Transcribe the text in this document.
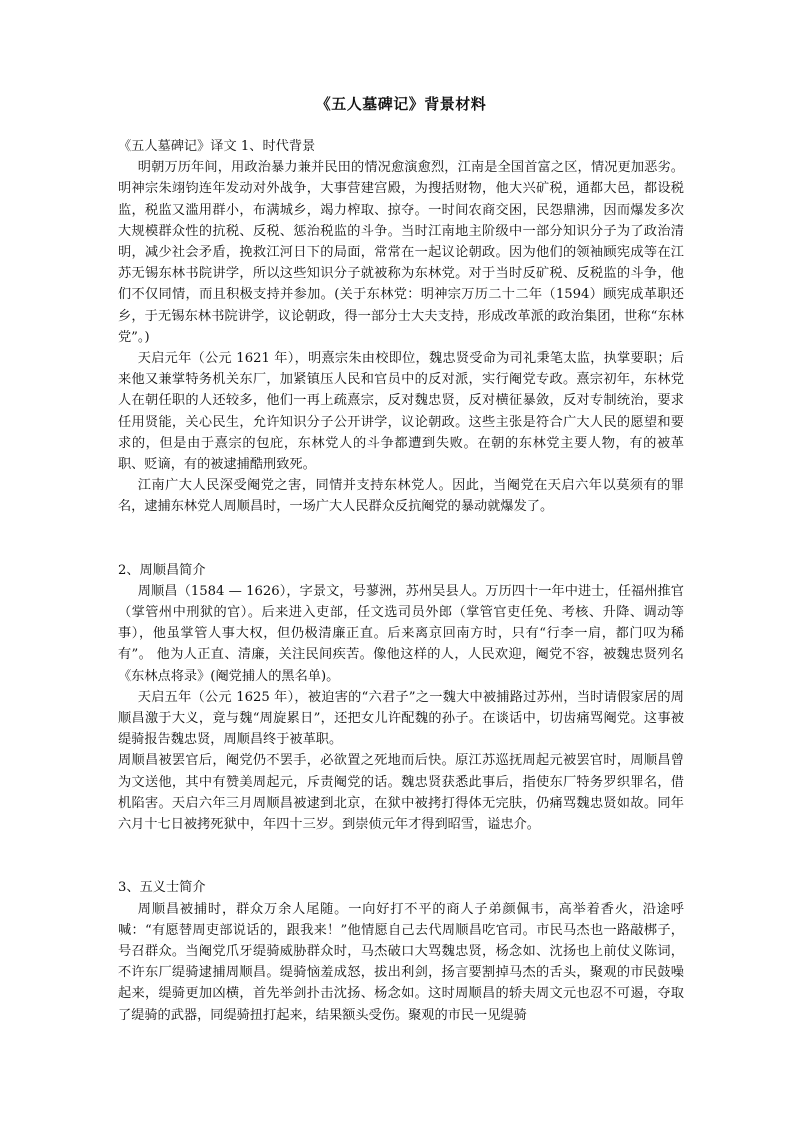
《五人墓碑记》背景材料

《五人墓碑记》译文 1、时代背景

明朝万历年间，用政治暴力兼并民田的情况愈演愈烈，江南是全国首富之区，情况更加恶劣。明神宗朱翊钧连年发动对外战争，大事营建宫殿，为搜括财物，他大兴矿税，通都大邑，都设税监，税监又滥用群小，布满城乡，竭力榨取、掠夺。一时间农商交困，民怨鼎沸，因而爆发多次大规模群众性的抗税、反税、惩治税监的斗争。当时江南地主阶级中一部分知识分子为了政治清明，减少社会矛盾，挽救江河日下的局面，常常在一起议论朝政。因为他们的领袖顾宪成等在江苏无锡东林书院讲学，所以这些知识分子就被称为东林党。对于当时反矿税、反税监的斗争，他们不仅同情，而且积极支持并参加。(关于东林党：明神宗万历二十二年（1594）顾宪成革职还乡，于无锡东林书院讲学，议论朝政，得一部分士大夫支持，形成改革派的政治集团，世称“东林党”。)

天启元年（公元 1621 年），明熹宗朱由校即位，魏忠贤受命为司礼秉笔太监，执掌要职；后来他又兼掌特务机关东厂，加紧镇压人民和官员中的反对派，实行阉党专政。熹宗初年，东林党人在朝任职的人还较多，他们一再上疏熹宗，反对魏忠贤，反对横征暴敛，反对专制统治，要求任用贤能，关心民生，允许知识分子公开讲学，议论朝政。这些主张是符合广大人民的愿望和要求的，但是由于熹宗的包庇，东林党人的斗争都遭到失败。在朝的东林党主要人物，有的被革职、贬谪，有的被逮捕酷刑致死。

江南广大人民深受阉党之害，同情并支持东林党人。因此，当阉党在天启六年以莫须有的罪名，逮捕东林党人周顺昌时，一场广大人民群众反抗阉党的暴动就爆发了。

2、周顺昌简介

周顺昌（1584 — 1626），字景文，号蓼洲，苏州吴县人。万历四十一年中进士，任福州推官（掌管州中刑狱的官）。后来进入吏部，任文选司员外郎（掌管官吏任免、考核、升降、调动等事），他虽掌管人事大权，但仍极清廉正直。后来离京回南方时，只有“行李一肩，都门叹为稀有”。 他为人正直、清廉，关注民间疾苦。像他这样的人，人民欢迎，阉党不容，被魏忠贤列名《东林点将录》(阉党捕人的黑名单)。

天启五年（公元 1625 年），被迫害的“六君子”之一魏大中被捕路过苏州，当时请假家居的周顺昌激于大义，竟与魏“周旋累日”，还把女儿许配魏的孙子。在谈话中，切齿痛骂阉党。这事被缇骑报告魏忠贤，周顺昌终于被革职。

周顺昌被罢官后，阉党仍不罢手，必欲置之死地而后快。原江苏巡抚周起元被罢官时，周顺昌曾为文送他，其中有赞美周起元，斥责阉党的话。魏忠贤获悉此事后，指使东厂特务罗织罪名，借机陷害。天启六年三月周顺昌被逮到北京，在狱中被拷打得体无完肤，仍痛骂魏忠贤如故。同年六月十七日被拷死狱中，年四十三岁。到崇侦元年才得到昭雪，谥忠介。

3、五义士简介

周顺昌被捕时，群众万余人尾随。一向好打不平的商人子弟颜佩韦，高举着香火，沿途呼喊：“有愿替周吏部说话的，跟我来！”他情愿自己去代周顺昌吃官司。市民马杰也一路敲梆子，号召群众。当阉党爪牙缇骑威胁群众时，马杰破口大骂魏忠贤，杨念如、沈扬也上前仗义陈词，不许东厂缇骑逮捕周顺昌。缇骑恼羞成怒，拔出利剑，扬言要割掉马杰的舌头，聚观的市民鼓噪起来，缇骑更加凶横，首先举剑扑击沈扬、杨念如。这时周顺昌的轿夫周文元也忍不可遏，夺取了缇骑的武器，同缇骑扭打起来，结果额头受伤。聚观的市民一见缇骑
